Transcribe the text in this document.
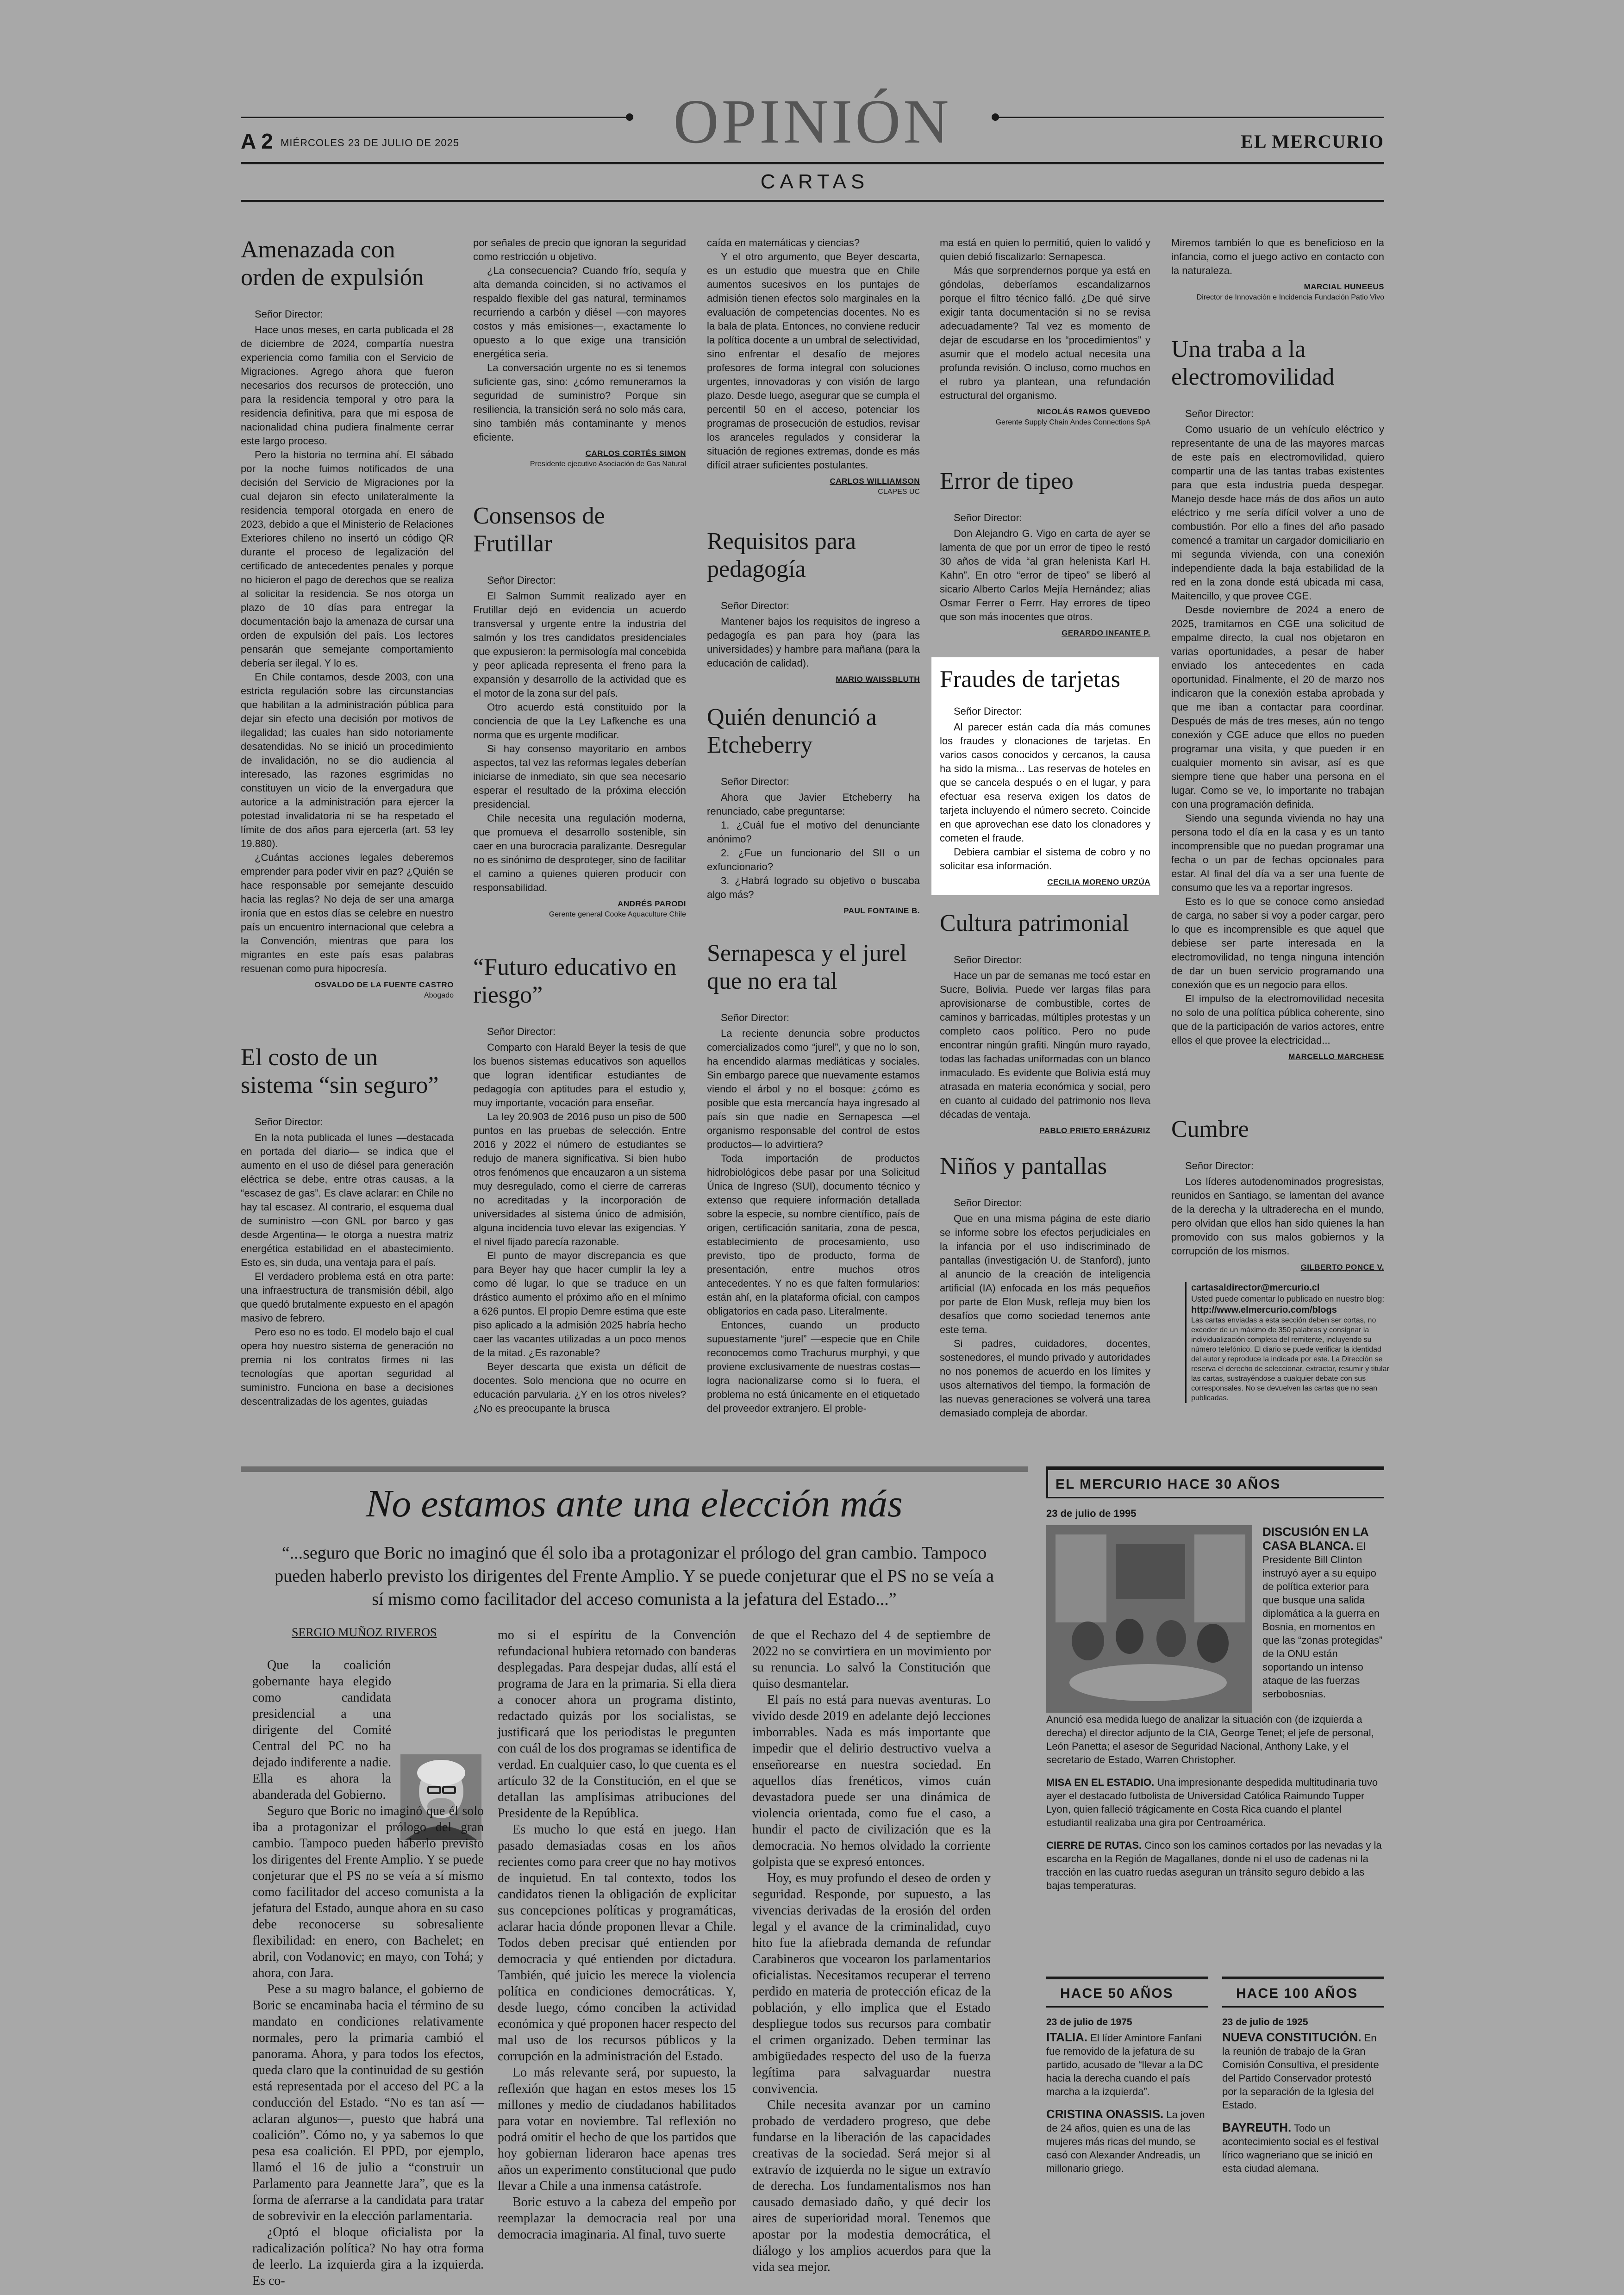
A 2 MIÉRCOLES 23 DE JULIO DE 2025	OPINIÓN	EL MERCURIO
CARTAS
Amenazada con orden de expulsión
Señor Director:

Hace unos meses, en carta publicada el 28 de diciembre de 2024, compartía nuestra experiencia como familia con el Servicio de Migraciones. Agrego ahora que fueron necesarios dos recursos de protección, uno para la residencia temporal y otro para la residencia definitiva, para que mi esposa de nacionalidad china pudiera finalmente cerrar este largo proceso.

Pero la historia no termina ahí. El sábado por la noche fuimos notificados de una decisión del Servicio de Migraciones por la cual dejaron sin efecto unilateralmente la residencia temporal otorgada en enero de 2023, debido a que el Ministerio de Relaciones Exteriores chileno no insertó un código QR durante el proceso de legalización del certificado de antecedentes penales y porque no hicieron el pago de derechos que se realiza al solicitar la residencia. Se nos otorga un plazo de 10 días para entregar la documentación bajo la amenaza de cursar una orden de expulsión del país. Los lectores pensarán que semejante comportamiento debería ser ilegal. Y lo es.

En Chile contamos, desde 2003, con una estricta regulación sobre las circunstancias que habilitan a la administración pública para dejar sin efecto una decisión por motivos de ilegalidad; las cuales han sido notoriamente desatendidas. No se inició un procedimiento de invalidación, no se dio audiencia al interesado, las razones esgrimidas no constituyen un vicio de la envergadura que autorice a la administración para ejercer la potestad invalidatoria ni se ha respetado el límite de dos años para ejercerla (art. 53 ley 19.880).

¿Cuántas acciones legales deberemos emprender para poder vivir en paz? ¿Quién se hace responsable por semejante descuido hacia las reglas? No deja de ser una amarga ironía que en estos días se celebre en nuestro país un encuentro internacional que celebra a la Convención, mientras que para los migrantes en este país esas palabras resuenan como pura hipocresía.

OSVALDO DE LA FUENTE CASTRO
Abogado
El costo de un sistema “sin seguro”
Señor Director:

En la nota publicada el lunes —destacada en portada del diario— se indica que el aumento en el uso de diésel para generación eléctrica se debe, entre otras causas, a la “escasez de gas”. Es clave aclarar: en Chile no hay tal escasez. Al contrario, el esquema dual de suministro —con GNL por barco y gas desde Argentina— le otorga a nuestra matriz energética estabilidad en el abastecimiento. Esto es, sin duda, una ventaja para el país.

El verdadero problema está en otra parte: una infraestructura de transmisión débil, algo que quedó brutalmente expuesto en el apagón masivo de febrero.

Pero eso no es todo. El modelo bajo el cual opera hoy nuestro sistema de generación no premia ni los contratos firmes ni las tecnologías que aportan seguridad al suministro. Funciona en base a decisiones descentralizadas de los agentes, guiadas

por señales de precio que ignoran la seguridad como restricción u objetivo.

¿La consecuencia? Cuando frío, sequía y alta demanda coinciden, si no activamos el respaldo flexible del gas natural, terminamos recurriendo a carbón y diésel —con mayores costos y más emisiones—, exactamente lo opuesto a lo que exige una transición energética seria.

La conversación urgente no es si tenemos suficiente gas, sino: ¿cómo remuneramos la seguridad de suministro? Porque sin resiliencia, la transición será no solo más cara, sino también más contaminante y menos eficiente.

CARLOS CORTÉS SIMON
Presidente ejecutivo Asociación de Gas Natural
Consensos de Frutillar
Señor Director:

El Salmon Summit realizado ayer en Frutillar dejó en evidencia un acuerdo transversal y urgente entre la industria del salmón y los tres candidatos presidenciales que expusieron: la permisología mal concebida y peor aplicada representa el freno para la expansión y desarrollo de la actividad que es el motor de la zona sur del país.

Otro acuerdo está constituido por la conciencia de que la Ley Lafkenche es una norma que es urgente modificar.

Si hay consenso mayoritario en ambos aspectos, tal vez las reformas legales deberían iniciarse de inmediato, sin que sea necesario esperar el resultado de la próxima elección presidencial.

Chile necesita una regulación moderna, que promueva el desarrollo sostenible, sin caer en una burocracia paralizante. Desregular no es sinónimo de desproteger, sino de facilitar el camino a quienes quieren producir con responsabilidad.

ANDRÉS PARODI
Gerente general Cooke Aquaculture Chile
“Futuro educativo en riesgo”
Señor Director:

Comparto con Harald Beyer la tesis de que los buenos sistemas educativos son aquellos que logran identificar estudiantes de pedagogía con aptitudes para el estudio y, muy importante, vocación para enseñar.

La ley 20.903 de 2016 puso un piso de 500 puntos en las pruebas de selección. Entre 2016 y 2022 el número de estudiantes se redujo de manera significativa. Si bien hubo otros fenómenos que encauzaron a un sistema muy desregulado, como el cierre de carreras no acreditadas y la incorporación de universidades al sistema único de admisión, alguna incidencia tuvo elevar las exigencias. Y el nivel fijado parecía razonable.

El punto de mayor discrepancia es que para Beyer hay que hacer cumplir la ley a como dé lugar, lo que se traduce en un drástico aumento el próximo año en el mínimo a 626 puntos. El propio Demre estima que este piso aplicado a la admisión 2025 habría hecho caer las vacantes utilizadas a un poco menos de la mitad. ¿Es razonable?

Beyer descarta que exista un déficit de docentes. Solo menciona que no ocurre en educación parvularia. ¿Y en los otros niveles? ¿No es preocupante la brusca

caída en matemáticas y ciencias?

Y el otro argumento, que Beyer descarta, es un estudio que muestra que en Chile aumentos sucesivos en los puntajes de admisión tienen efectos solo marginales en la evaluación de competencias docentes. No es la bala de plata. Entonces, no conviene reducir la política docente a un umbral de selectividad, sino enfrentar el desafío de mejores profesores de forma integral con soluciones urgentes, innovadoras y con visión de largo plazo. Desde luego, asegurar que se cumpla el percentil 50 en el acceso, potenciar los programas de prosecución de estudios, revisar los aranceles regulados y considerar la situación de regiones extremas, donde es más difícil atraer suficientes postulantes.

CARLOS WILLIAMSON
CLAPES UC
Requisitos para pedagogía
Señor Director:

Mantener bajos los requisitos de ingreso a pedagogía es pan para hoy (para las universidades) y hambre para mañana (para la educación de calidad).

MARIO WAISSBLUTH
Quién denunció a Etcheberry
Señor Director:

Ahora que Javier Etcheberry ha renunciado, cabe preguntarse:

1. ¿Cuál fue el motivo del denunciante anónimo?

2. ¿Fue un funcionario del SII o un exfuncionario?

3. ¿Habrá logrado su objetivo o buscaba algo más?

PAUL FONTAINE B.
Sernapesca y el jurel que no era tal
Señor Director:

La reciente denuncia sobre productos comercializados como “jurel”, y que no lo son, ha encendido alarmas mediáticas y sociales. Sin embargo parece que nuevamente estamos viendo el árbol y no el bosque: ¿cómo es posible que esta mercancía haya ingresado al país sin que nadie en Sernapesca —el organismo responsable del control de estos productos— lo advirtiera?

Toda importación de productos hidrobiológicos debe pasar por una Solicitud Única de Ingreso (SUI), documento técnico y extenso que requiere información detallada sobre la especie, su nombre científico, país de origen, certificación sanitaria, zona de pesca, establecimiento de procesamiento, uso previsto, tipo de producto, forma de presentación, entre muchos otros antecedentes. Y no es que falten formularios: están ahí, en la plataforma oficial, con campos obligatorios en cada paso. Literalmente.

Entonces, cuando un producto supuestamente “jurel” —especie que en Chile reconocemos como Trachurus murphyi, y que proviene exclusivamente de nuestras costas— logra nacionalizarse como si lo fuera, el problema no está únicamente en el etiquetado del proveedor extranjero. El proble-

ma está en quien lo permitió, quien lo validó y quien debió fiscalizarlo: Sernapesca.

Más que sorprendernos porque ya está en góndolas, deberíamos escandalizarnos porque el filtro técnico falló. ¿De qué sirve exigir tanta documentación si no se revisa adecuadamente? Tal vez es momento de dejar de escudarse en los “procedimientos” y asumir que el modelo actual necesita una profunda revisión. O incluso, como muchos en el rubro ya plantean, una refundación estructural del organismo.

NICOLÁS RAMOS QUEVEDO
Gerente Supply Chain Andes Connections SpA
Error de tipeo
Señor Director:

Don Alejandro G. Vigo en carta de ayer se lamenta de que por un error de tipeo le restó 30 años de vida “al gran helenista Karl H. Kahn”. En otro “error de tipeo” se liberó al sicario Alberto Carlos Mejía Hernández; alias Osmar Ferrer o Ferrr. Hay errores de tipeo que son más inocentes que otros.

GERARDO INFANTE P.
Fraudes de tarjetas
Señor Director:

Al parecer están cada día más comunes los fraudes y clonaciones de tarjetas. En varios casos conocidos y cercanos, la causa ha sido la misma... Las reservas de hoteles en que se cancela después o en el lugar, y para efectuar esa reserva exigen los datos de tarjeta incluyendo el número secreto. Coincide en que aprovechan ese dato los clonadores y cometen el fraude.

Debiera cambiar el sistema de cobro y no solicitar esa información.

CECILIA MORENO URZÚA
Cultura patrimonial
Señor Director:

Hace un par de semanas me tocó estar en Sucre, Bolivia. Puede ver largas filas para aprovisionarse de combustible, cortes de caminos y barricadas, múltiples protestas y un completo caos político. Pero no pude encontrar ningún grafiti. Ningún muro rayado, todas las fachadas uniformadas con un blanco inmaculado. Es evidente que Bolivia está muy atrasada en materia económica y social, pero en cuanto al cuidado del patrimonio nos lleva décadas de ventaja.

PABLO PRIETO ERRÁZURIZ
Niños y pantallas
Señor Director:

Que en una misma página de este diario se informe sobre los efectos perjudiciales en la infancia por el uso indiscriminado de pantallas (investigación U. de Stanford), junto al anuncio de la creación de inteligencia artificial (IA) enfocada en los más pequeños por parte de Elon Musk, refleja muy bien los desafíos que como sociedad tenemos ante este tema.

Si padres, cuidadores, docentes, sostenedores, el mundo privado y autoridades no nos ponemos de acuerdo en los límites y usos alternativos del tiempo, la formación de las nuevas generaciones se volverá una tarea demasiado compleja de abordar.

Miremos también lo que es beneficioso en la infancia, como el juego activo en contacto con la naturaleza.

MARCIAL HUNEEUS
Director de Innovación e Incidencia Fundación Patio Vivo
Una traba a la electromovilidad
Señor Director:

Como usuario de un vehículo eléctrico y representante de una de las mayores marcas de este país en electromovilidad, quiero compartir una de las tantas trabas existentes para que esta industria pueda despegar. Manejo desde hace más de dos años un auto eléctrico y me sería difícil volver a uno de combustión. Por ello a fines del año pasado comencé a tramitar un cargador domiciliario en mi segunda vivienda, con una conexión independiente dada la baja estabilidad de la red en la zona donde está ubicada mi casa, Maitencillo, y que provee CGE.

Desde noviembre de 2024 a enero de 2025, tramitamos en CGE una solicitud de empalme directo, la cual nos objetaron en varias oportunidades, a pesar de haber enviado los antecedentes en cada oportunidad. Finalmente, el 20 de marzo nos indicaron que la conexión estaba aprobada y que me iban a contactar para coordinar. Después de más de tres meses, aún no tengo conexión y CGE aduce que ellos no pueden programar una visita, y que pueden ir en cualquier momento sin avisar, así es que siempre tiene que haber una persona en el lugar. Como se ve, lo importante no trabajan con una programación definida.

Siendo una segunda vivienda no hay una persona todo el día en la casa y es un tanto incomprensible que no puedan programar una fecha o un par de fechas opcionales para estar. Al final del día va a ser una fuente de consumo que les va a reportar ingresos.

Esto es lo que se conoce como ansiedad de carga, no saber si voy a poder cargar, pero lo que es incomprensible es que aquel que debiese ser parte interesada en la electromovilidad, no tenga ninguna intención de dar un buen servicio programando una conexión que es un negocio para ellos.

El impulso de la electromovilidad necesita no solo de una política pública coherente, sino que de la participación de varios actores, entre ellos el que provee la electricidad...

MARCELLO MARCHESE
Cumbre
Señor Director:

Los líderes autodenominados progresistas, reunidos en Santiago, se lamentan del avance de la derecha y la ultraderecha en el mundo, pero olvidan que ellos han sido quienes la han promovido con sus malos gobiernos y la corrupción de los mismos.

GILBERTO PONCE V.
cartasaldirector@mercurio.cl
Usted puede comentar lo publicado en nuestro blog:
http://www.elmercurio.com/blogs
Las cartas enviadas a esta sección deben ser cortas, no exceder de un máximo de 350 palabras y consignar la individualización completa del remitente, incluyendo su número telefónico. El diario se puede verificar la identidad del autor y reproduce la indicada por este. La Dirección se reserva el derecho de seleccionar, extractar, resumir y titular las cartas, sustrayéndose a cualquier debate con sus corresponsales. No se devuelven las cartas que no sean publicadas.
No estamos ante una elección más
“...seguro que Boric no imaginó que él solo iba a protagonizar el prólogo del gran cambio. Tampoco pueden haberlo previsto los dirigentes del Frente Amplio. Y se puede conjeturar que el PS no se veía a sí mismo como facilitador del acceso comunista a la jefatura del Estado...”
SERGIO MUÑOZ RIVEROS

Que la coalición gobernante haya elegido como candidata presidencial a una dirigente del Comité Central del PC no ha dejado indiferente a nadie. Ella es ahora la abanderada del Gobierno.

Seguro que Boric no imaginó que él solo iba a protagonizar el prólogo del gran cambio. Tampoco pueden haberlo previsto los dirigentes del Frente Amplio. Y se puede conjeturar que el PS no se veía a sí mismo como facilitador del acceso comunista a la jefatura del Estado, aunque ahora en su caso debe reconocerse su sobresaliente flexibilidad: en enero, con Bachelet; en abril, con Vodanovic; en mayo, con Tohá; y ahora, con Jara.

Pese a su magro balance, el gobierno de Boric se encaminaba hacia el término de su mandato en condiciones relativamente normales, pero la primaria cambió el panorama. Ahora, y para todos los efectos, queda claro que la continuidad de su gestión está representada por el acceso del PC a la conducción del Estado. “No es tan así —aclaran algunos—, puesto que habrá una coalición”. Cómo no, y ya sabemos lo que pesa esa coalición. El PPD, por ejemplo, llamó el 16 de julio a “construir un Parlamento para Jeannette Jara”, que es la forma de aferrarse a la candidata para tratar de sobrevivir en la elección parlamentaria.

¿Optó el bloque oficialista por la radicalización política? No hay otra forma de leerlo. La izquierda gira a la izquierda. Es co-

mo si el espíritu de la Convención refundacional hubiera retornado con banderas desplegadas. Para despejar dudas, allí está el programa de Jara en la primaria. Si ella diera a conocer ahora un programa distinto, redactado quizás por los socialistas, se justificará que los periodistas le pregunten con cuál de los dos programas se identifica de verdad. En cualquier caso, lo que cuenta es el artículo 32 de la Constitución, en el que se detallan las amplísimas atribuciones del Presidente de la República.

Es mucho lo que está en juego. Han pasado demasiadas cosas en los años recientes como para creer que no hay motivos de inquietud. En tal contexto, todos los candidatos tienen la obligación de explicitar sus concepciones políticas y programáticas, aclarar hacia dónde proponen llevar a Chile. Todos deben precisar qué entienden por democracia y qué entienden por dictadura. También, qué juicio les merece la violencia política en condiciones democráticas. Y, desde luego, cómo conciben la actividad económica y qué proponen hacer respecto del mal uso de los recursos públicos y la corrupción en la administración del Estado.

Lo más relevante será, por supuesto, la reflexión que hagan en estos meses los 15 millones y medio de ciudadanos habilitados para votar en noviembre. Tal reflexión no podrá omitir el hecho de que los partidos que hoy gobiernan lideraron hace apenas tres años un experimento constitucional que pudo llevar a Chile a una inmensa catástrofe.

Boric estuvo a la cabeza del empeño por reemplazar la democracia real por una democracia imaginaria. Al final, tuvo suerte

de que el Rechazo del 4 de septiembre de 2022 no se convirtiera en un movimiento por su renuncia. Lo salvó la Constitución que quiso desmantelar.

El país no está para nuevas aventuras. Lo vivido desde 2019 en adelante dejó lecciones imborrables. Nada es más importante que impedir que el delirio destructivo vuelva a enseñorearse en nuestra sociedad. En aquellos días frenéticos, vimos cuán devastadora puede ser una dinámica de violencia orientada, como fue el caso, a hundir el pacto de civilización que es la democracia. No hemos olvidado la corriente golpista que se expresó entonces.

Hoy, es muy profundo el deseo de orden y seguridad. Responde, por supuesto, a las vivencias derivadas de la erosión del orden legal y el avance de la criminalidad, cuyo hito fue la afiebrada demanda de refundar Carabineros que vocearon los parlamentarios oficialistas. Necesitamos recuperar el terreno perdido en materia de protección eficaz de la población, y ello implica que el Estado despliegue todos sus recursos para combatir el crimen organizado. Deben terminar las ambigüedades respecto del uso de la fuerza legítima para salvaguardar nuestra convivencia.

Chile necesita avanzar por un camino probado de verdadero progreso, que debe fundarse en la liberación de las capacidades creativas de la sociedad. Será mejor si al extravío de izquierda no le sigue un extravío de derecha. Los fundamentalismos nos han causado demasiado daño, y qué decir los aires de superioridad moral. Tenemos que apostar por la modestia democrática, el diálogo y los amplios acuerdos para que la vida sea mejor.

EL MERCURIO HACE 30 AÑOS
23 de julio de 1995

DISCUSIÓN EN LA CASA BLANCA. El Presidente Bill Clinton instruyó ayer a su equipo de política exterior para que busque una salida diplomática a la guerra en Bosnia, en momentos en que las “zonas protegidas” de la ONU están soportando un intenso ataque de las fuerzas serbobosnias.

Anunció esa medida luego de analizar la situación con (de izquierda a derecha) el director adjunto de la CIA, George Tenet; el jefe de personal, León Panetta; el asesor de Seguridad Nacional, Anthony Lake, y el secretario de Estado, Warren Christopher.

MISA EN EL ESTADIO. Una impresionante despedida multitudinaria tuvo ayer el destacado futbolista de Universidad Católica Raimundo Tupper Lyon, quien falleció trágicamente en Costa Rica cuando el plantel estudiantil realizaba una gira por Centroamérica.

CIERRE DE RUTAS. Cinco son los caminos cortados por las nevadas y la escarcha en la Región de Magallanes, donde ni el uso de cadenas ni la tracción en las cuatro ruedas aseguran un tránsito seguro debido a las bajas temperaturas.

HACE 50 AÑOS
23 de julio de 1975

ITALIA. El líder Amintore Fanfani fue removido de la jefatura de su partido, acusado de “llevar a la DC hacia la derecha cuando el país marcha a la izquierda”.

CRISTINA ONASSIS. La joven de 24 años, quien es una de las mujeres más ricas del mundo, se casó con Alexander Andreadis, un millonario griego.

HACE 100 AÑOS
23 de julio de 1925

NUEVA CONSTITUCIÓN. En la reunión de trabajo de la Gran Comisión Consultiva, el presidente del Partido Conservador protestó por la separación de la Iglesia del Estado.

BAYREUTH. Todo un acontecimiento social es el festival lírico wagneriano que se inició en esta ciudad alemana.
